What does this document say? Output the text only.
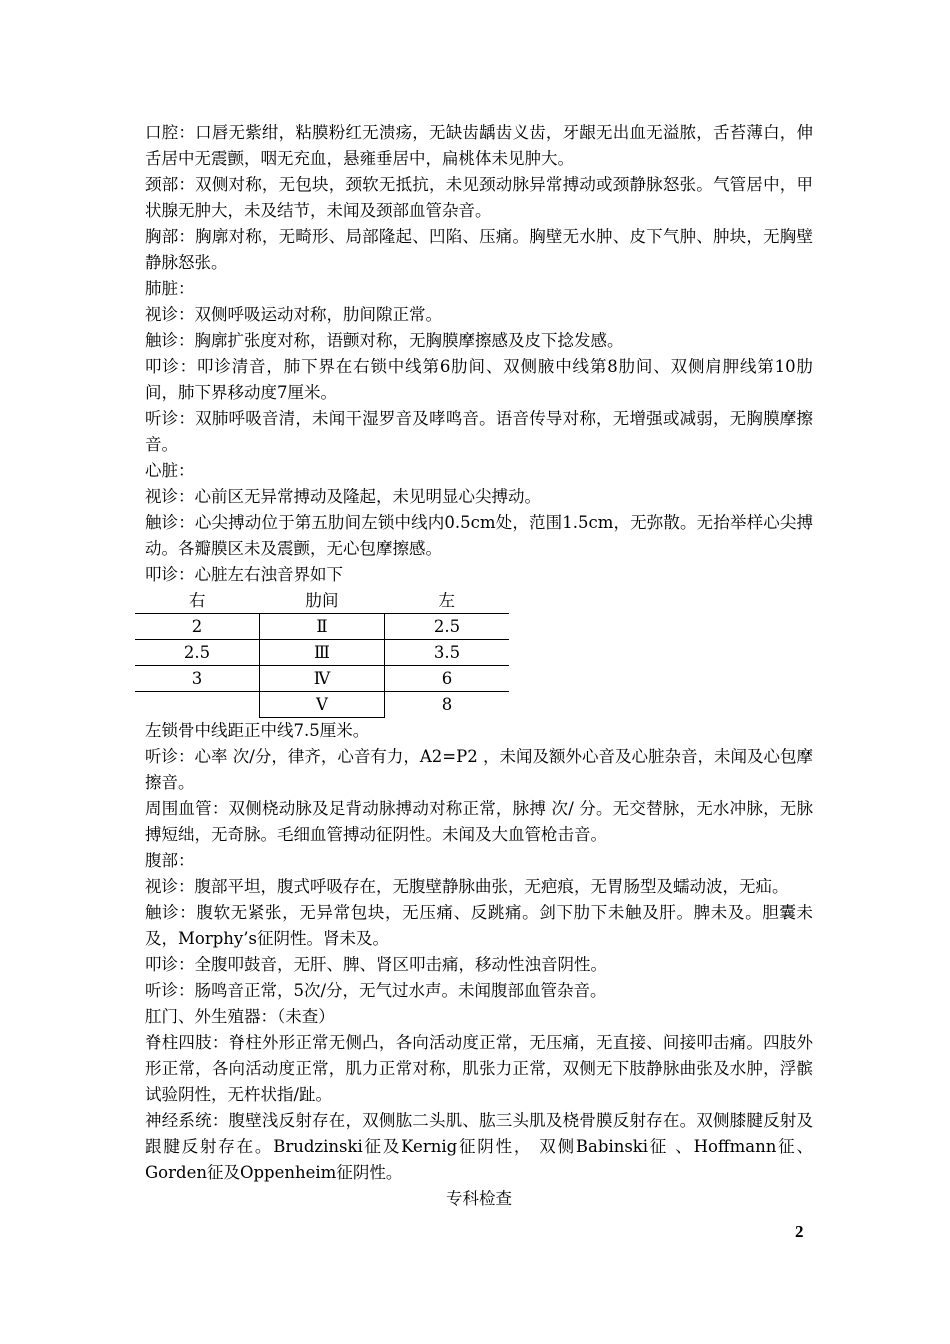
口腔：口唇无紫绀，粘膜粉红无溃疡，无缺齿龋齿义齿，牙龈无出血无溢脓，舌苔薄白，伸舌居中无震颤，咽无充血，悬雍垂居中，扁桃体未见肿大。

颈部：双侧对称，无包块，颈软无抵抗，未见颈动脉异常搏动或颈静脉怒张。气管居中，甲状腺无肿大，未及结节，未闻及颈部血管杂音。

胸部：胸廓对称，无畸形、局部隆起、凹陷、压痛。胸壁无水肿、皮下气肿、肿块，无胸壁静脉怒张。

肺脏：

视诊：双侧呼吸运动对称，肋间隙正常。

触诊：胸廓扩张度对称，语颤对称，无胸膜摩擦感及皮下捻发感。

叩诊：叩诊清音，肺下界在右锁中线第6肋间、双侧腋中线第8肋间、双侧肩胛线第10肋间，肺下界移动度7厘米。

听诊：双肺呼吸音清，未闻干湿罗音及哮鸣音。语音传导对称，无增强或减弱，无胸膜摩擦音。

心脏：

视诊：心前区无异常搏动及隆起，未见明显心尖搏动。

触诊：心尖搏动位于第五肋间左锁中线内0.5cm处，范围1.5cm，无弥散。无抬举样心尖搏动。各瓣膜区未及震颤，无心包摩擦感。

叩诊：心脏左右浊音界如下

右	肋间	左
2	Ⅱ	2.5
2.5	Ⅲ	3.5
3	Ⅳ	6
	Ⅴ	8

左锁骨中线距正中线7.5厘米。

听诊：心率 次/分，律齐，心音有力，A2=P2 ，未闻及额外心音及心脏杂音，未闻及心包摩擦音。

周围血管：双侧桡动脉及足背动脉搏动对称正常，脉搏 次/ 分。无交替脉，无水冲脉，无脉搏短绌，无奇脉。毛细血管搏动征阴性。未闻及大血管枪击音。

腹部：

视诊：腹部平坦，腹式呼吸存在，无腹壁静脉曲张，无疤痕，无胃肠型及蠕动波，无疝。

触诊：腹软无紧张，无异常包块，无压痛、反跳痛。剑下肋下未触及肝。脾未及。胆囊未及，Morphy’s征阴性。肾未及。

叩诊：全腹叩鼓音，无肝、脾、肾区叩击痛，移动性浊音阴性。

听诊：肠鸣音正常，5次/分，无气过水声。未闻腹部血管杂音。

肛门、外生殖器：（未查）

脊柱四肢：脊柱外形正常无侧凸，各向活动度正常，无压痛，无直接、间接叩击痛。四肢外形正常，各向活动度正常，肌力正常对称，肌张力正常，双侧无下肢静脉曲张及水肿，浮髌试验阴性，无杵状指/趾。

神经系统：腹壁浅反射存在，双侧肱二头肌、肱三头肌及桡骨膜反射存在。双侧膝腱反射及跟腱反射存在。Brudzinski征及Kernig征阴性， 双侧Babinski征 、Hoffmann征、Gorden征及Oppenheim征阴性。

专科检查

2
